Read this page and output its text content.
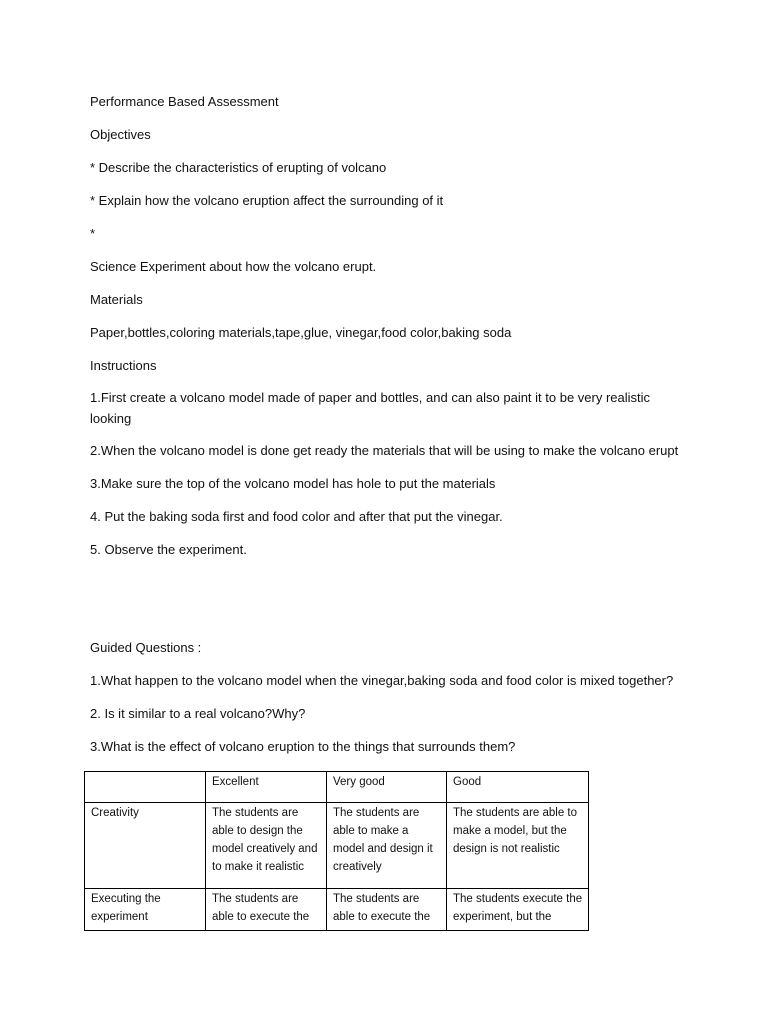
Performance Based Assessment

Objectives

* Describe the characteristics of erupting of volcano

* Explain how the volcano eruption affect the surrounding of it

*

Science Experiment about how the volcano erupt.

Materials

Paper,bottles,coloring materials,tape,glue, vinegar,food color,baking soda

Instructions

1.First create a volcano model made of paper and bottles, and can also paint it to be very realistic looking

2.When the volcano model is done get ready the materials that will be using to make the volcano erupt

3.Make sure the top of the volcano model has hole to put the materials

4. Put the baking soda first and food color and after that put the vinegar.

5. Observe the experiment.

Guided Questions :

1.What happen to the volcano model when the vinegar,baking soda and food color is mixed together?

2. Is it similar to a real volcano?Why?

3.What is the effect of volcano eruption to the things that surrounds them?

	Excellent	Very good	Good
Creativity	The students are able to design the model creatively and to make it realistic	The students are able to make a model and design it creatively	The students are able to make a model, but the design is not realistic

Executing the experiment	The students are able to execute the	The students are able to execute the	The students execute the experiment, but the
